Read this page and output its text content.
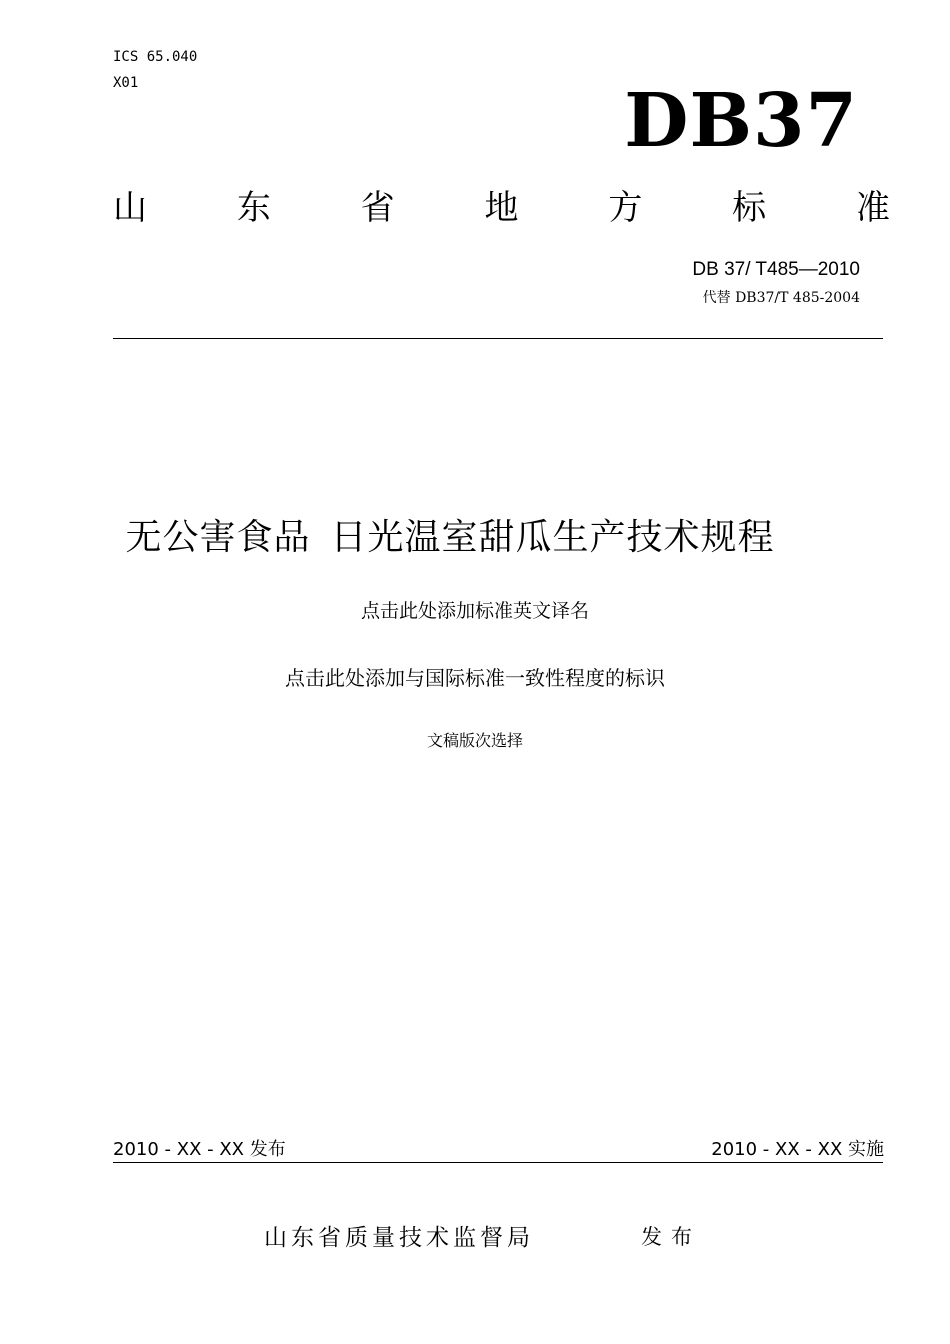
ICS 65.040
X01	DB37
山	东	省	地	方	标	准
DB 37/ T485—2010
代替 DB37/T 485-2004
无公害食品 日光温室甜瓜生产技术规程
点击此处添加标准英文译名
点击此处添加与国际标准一致性程度的标识
文稿版次选择
2010 - XX - XX 发布	2010 - XX - XX 实施
山东省质量技术监督局	发布
